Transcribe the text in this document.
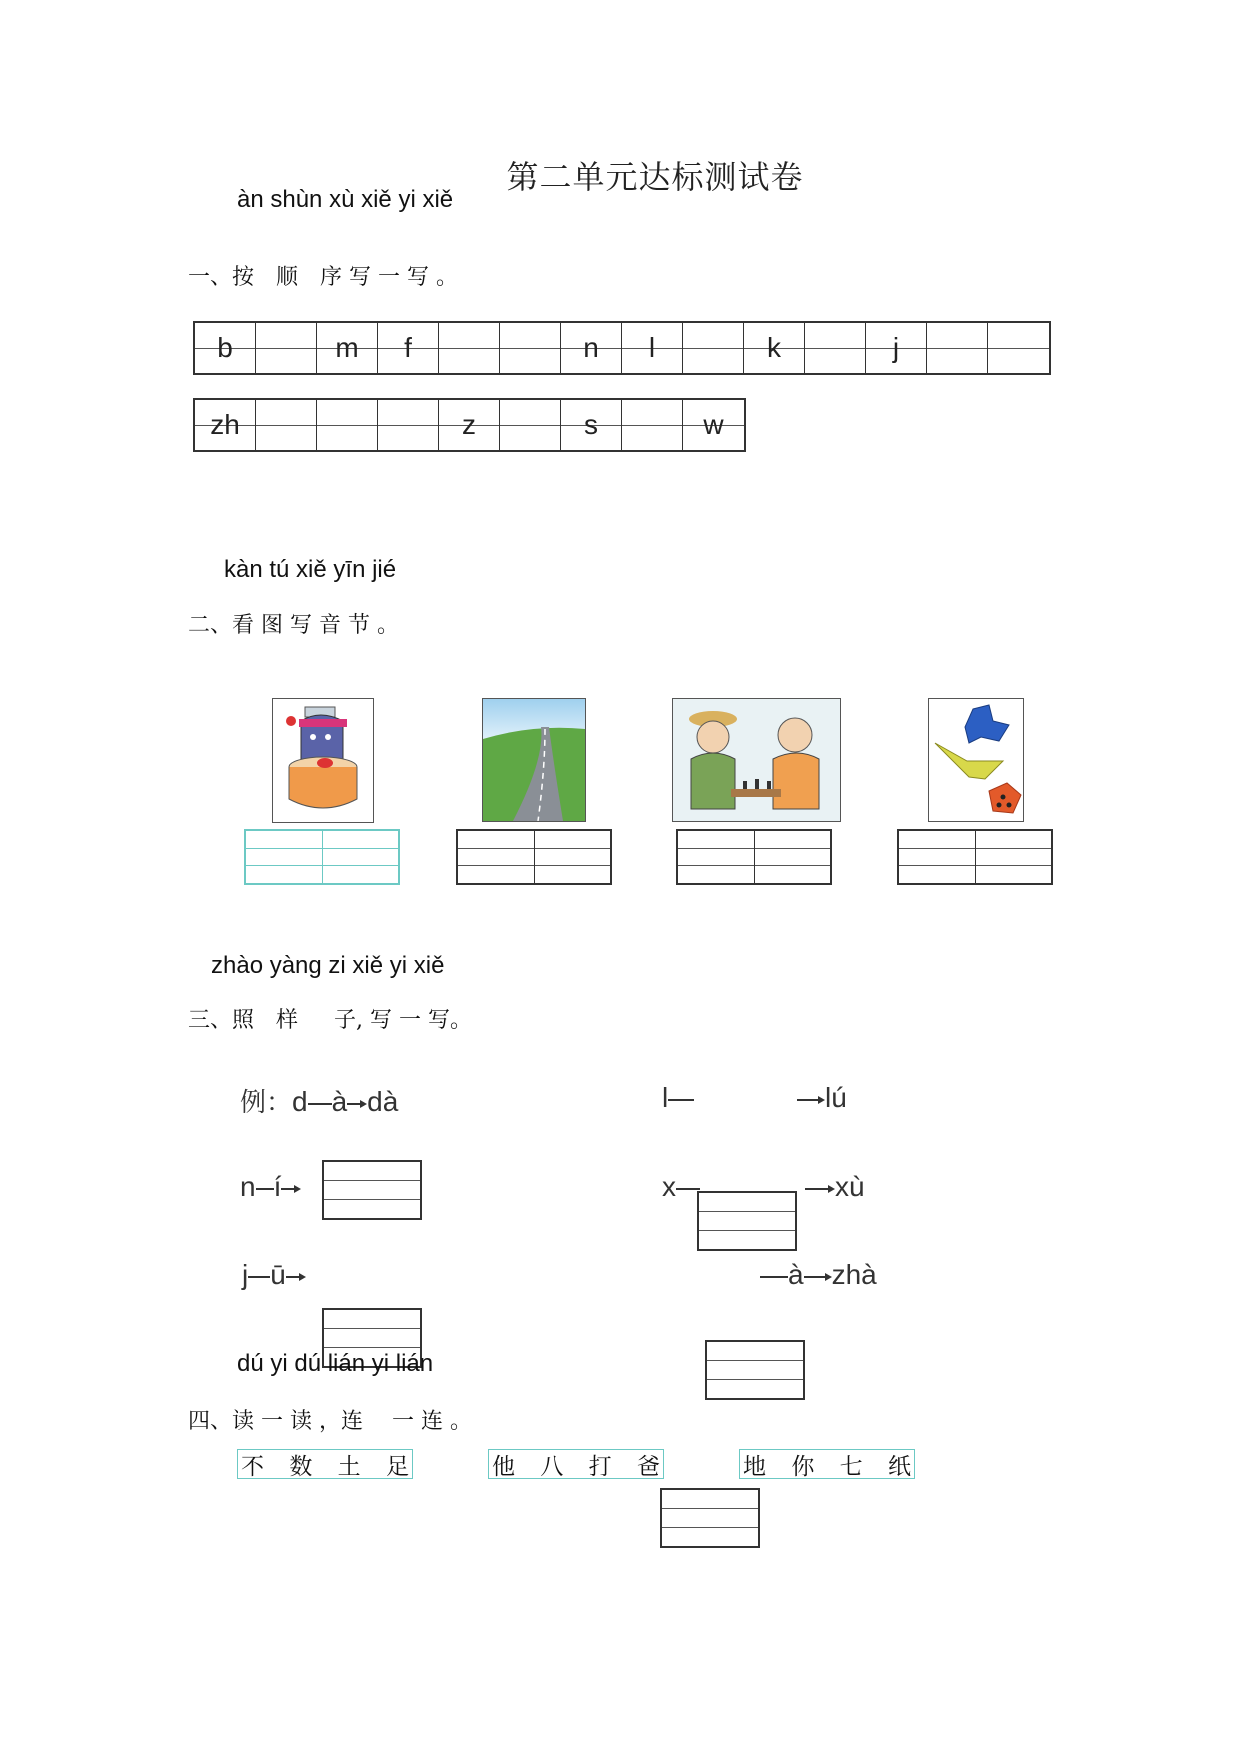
第二单元达标测试卷
àn shùn xù xiě yi xiě
一、按　顺　序 写 一 写 。
b	m f	n l	k	j
zh	z	s	w
kàn tú xiě yīn jié
二、看 图 写 音 节 。
zhào yàng zi xiě yi xiě
三、照　样　  子, 写 一 写。
例：d à dà
n í
j ū
l	lú
x	xù
à zhà
dú yi dú lián yi lián
四、读 一 读 ，连 　一 连 。
不 数 土 足	他 八 打 爸	地 你 七 纸
